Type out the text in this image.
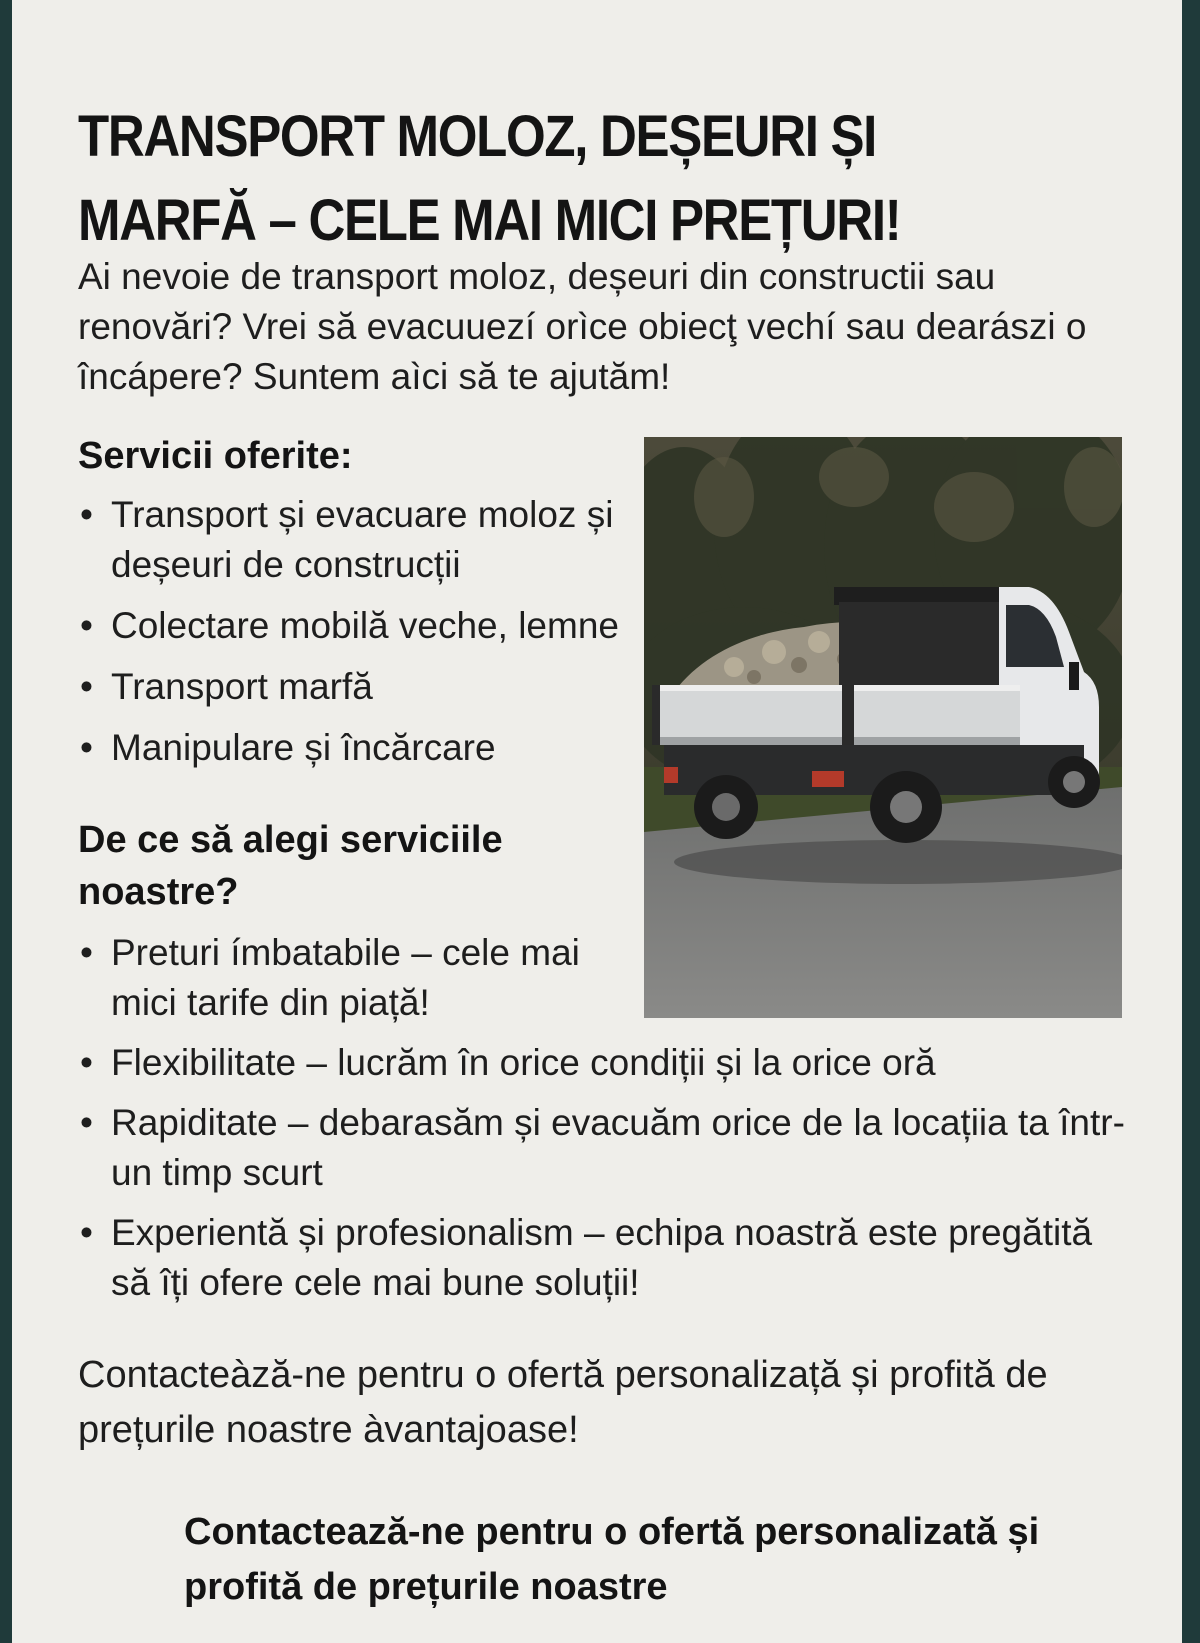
TRANSPORT MOLOZ, DEȘEURI ȘI MARFĂ – CELE MAI MICI PREȚURI!

Ai nevoie de transport moloz, deșeuri din constructii sau renovări? Vrei să evacuuezí orìce obiecţ vechí sau dearászi o încápere? Suntem aìci să te ajutăm!

Servicii oferite:
• Transport și evacuare moloz și deșeuri de construcții
• Colectare mobilă veche, lemne
• Transport marfă
• Manipulare și încărcare
De ce să alegi serviciile noastre?
• Preturi ímbatabile – cele mai mici tarife din piață!
• Flexibilitate – lucrăm în orice condiții și la orice oră
• Rapiditate – debarasăm și evacuăm orice de la locațiia ta într-un timp scurt
• Experientă și profesionalism – echipa noastră este pregătită să îți ofere cele mai bune soluții!

Contacteàză-ne pentru o ofertă personalizață și profită de prețurile noastre àvantajoase!

Contactează-ne pentru o ofertă personalizată și profită de prețurile noastre
